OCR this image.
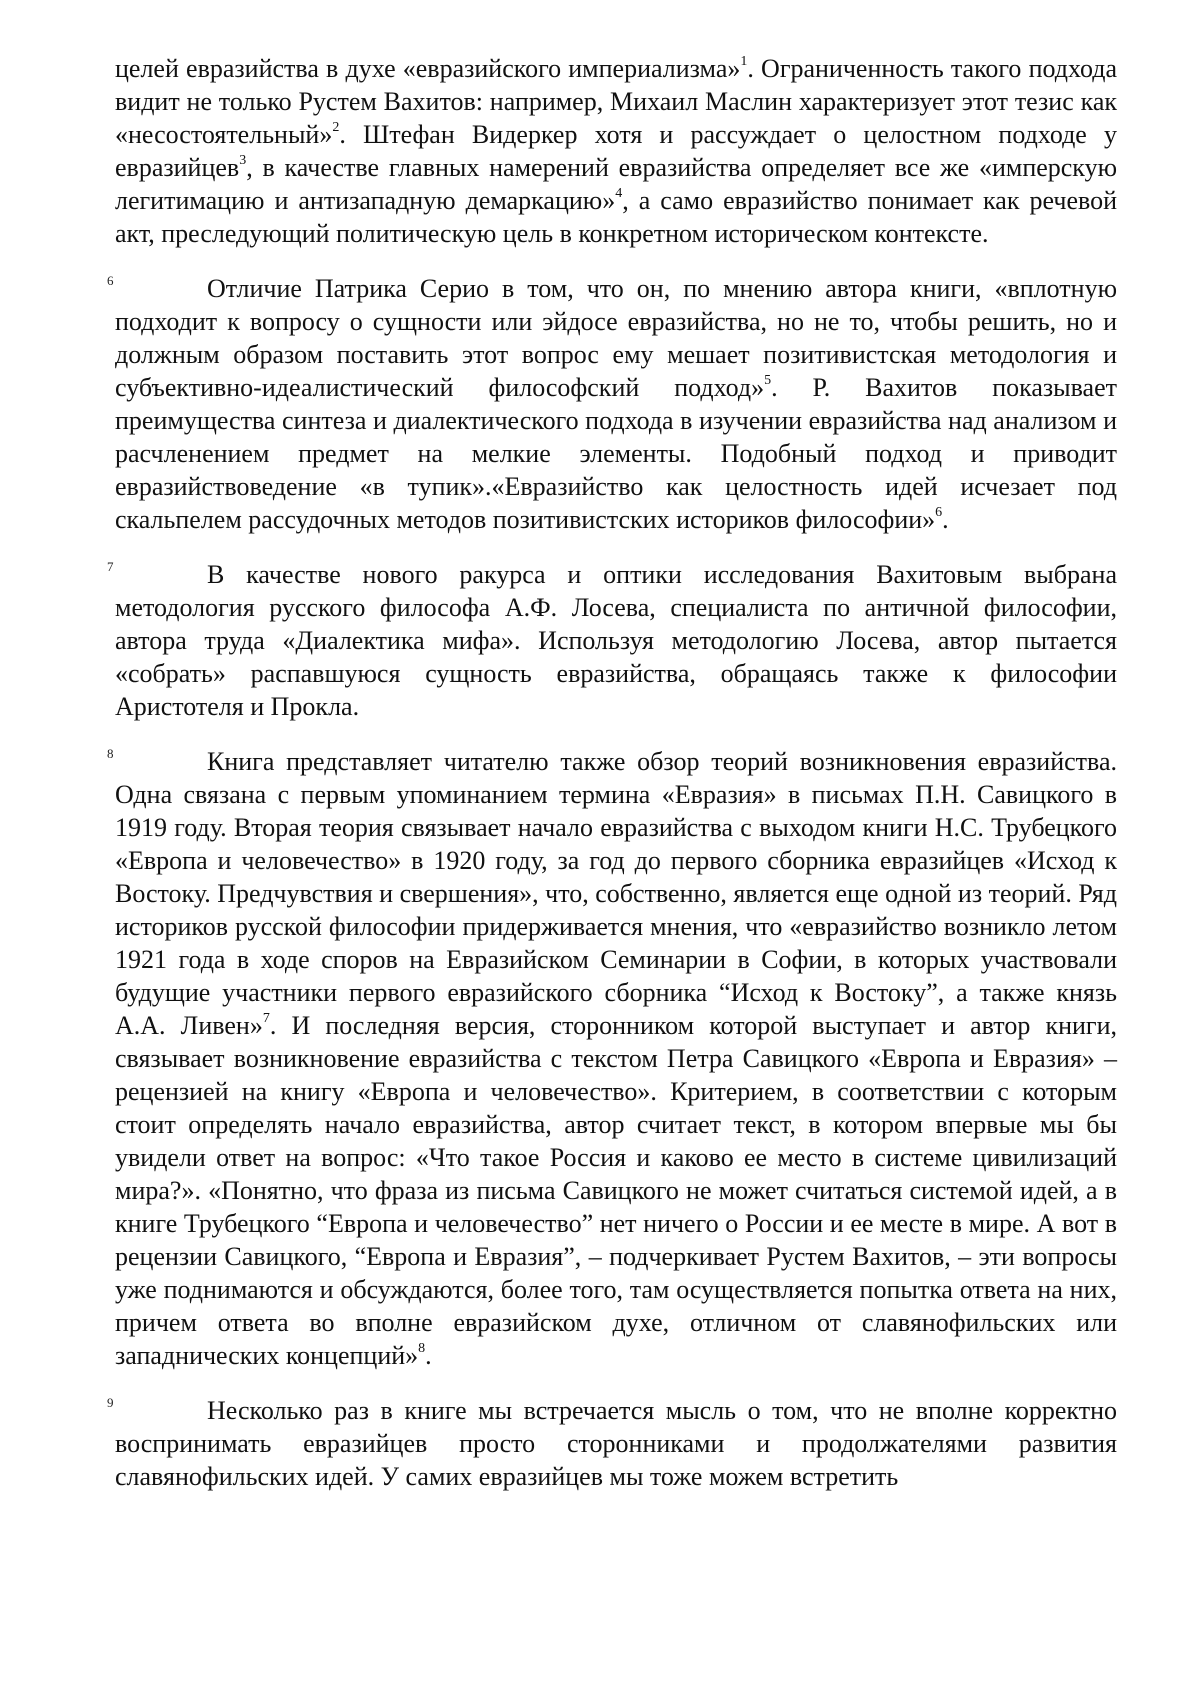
целей евразийства в духе «евразийского империализма»$^1$. Ограниченность такого подхода видит не только Рустем Вахитов: например, Михаил Маслин характеризует этот тезис как «несостоятельный»$^2$. Штефан Видеркер хотя и рассуждает о целостном подходе у евразийцев$^3$, в качестве главных намерений евразийства определяет все же «имперскую легитимацию и антизападную демаркацию»$^4$, а само евразийство понимает как речевой акт, преследующий политическую цель в конкретном историческом контексте.

6	Отличие Патрика Серио в том, что он, по мнению автора книги, «вплотную подходит к вопросу о сущности или эйдосе евразийства, но не то, чтобы решить, но и должным образом поставить этот вопрос ему мешает позитивистская методология и субъективно-идеалистический философский подход»$^5$. Р. Вахитов показывает преимущества синтеза и диалектического подхода в изучении евразийства над анализом и расчленением предмет на мелкие элементы. Подобный подход и приводит евразийствоведение «в тупик».«Евразийство как целостность идей исчезает под скальпелем рассудочных методов позитивистских историков философии»$^6$.

7	В качестве нового ракурса и оптики исследования Вахитовым выбрана методология русского философа А.Ф. Лосева, специалиста по античной философии, автора труда «Диалектика мифа». Используя методологию Лосева, автор пытается «собрать» распавшуюся сущность евразийства, обращаясь также к философии Аристотеля и Прокла.

8	Книга представляет читателю также обзор теорий возникновения евразийства. Одна связана с первым упоминанием термина «Евразия» в письмах П.Н. Савицкого в 1919 году. Вторая теория связывает начало евразийства с выходом книги Н.С. Трубецкого «Европа и человечество» в 1920 году, за год до первого сборника евразийцев «Исход к Востоку. Предчувствия и свершения», что, собственно, является еще одной из теорий. Ряд историков русской философии придерживается мнения, что «евразийство возникло летом 1921 года в ходе споров на Евразийском Семинарии в Софии, в которых участвовали будущие участники первого евразийского сборника “Исход к Востоку”, а также князь А.А. Ливен»$^7$. И последняя версия, сторонником которой выступает и автор книги, связывает возникновение евразийства с текстом Петра Савицкого «Европа и Евразия» – рецензией на книгу «Европа и человечество». Критерием, в соответствии с которым стоит определять начало евразийства, автор считает текст, в котором впервые мы бы увидели ответ на вопрос: «Что такое Россия и каково ее место в системе цивилизаций мира?». «Понятно, что фраза из письма Савицкого не может считаться системой идей, а в книге Трубецкого “Европа и человечество” нет ничего о России и ее месте в мире. А вот в рецензии Савицкого, “Европа и Евразия”, – подчеркивает Рустем Вахитов, – эти вопросы уже поднимаются и обсуждаются, более того, там осуществляется попытка ответа на них, причем ответа во вполне евразийском духе, отличном от славянофильских или западнических концепций»$^8$.

9	Несколько раз в книге мы встречается мысль о том, что не вполне корректно воспринимать евразийцев просто сторонниками и продолжателями развития славянофильских идей. У самих евразийцев мы тоже можем встретить
